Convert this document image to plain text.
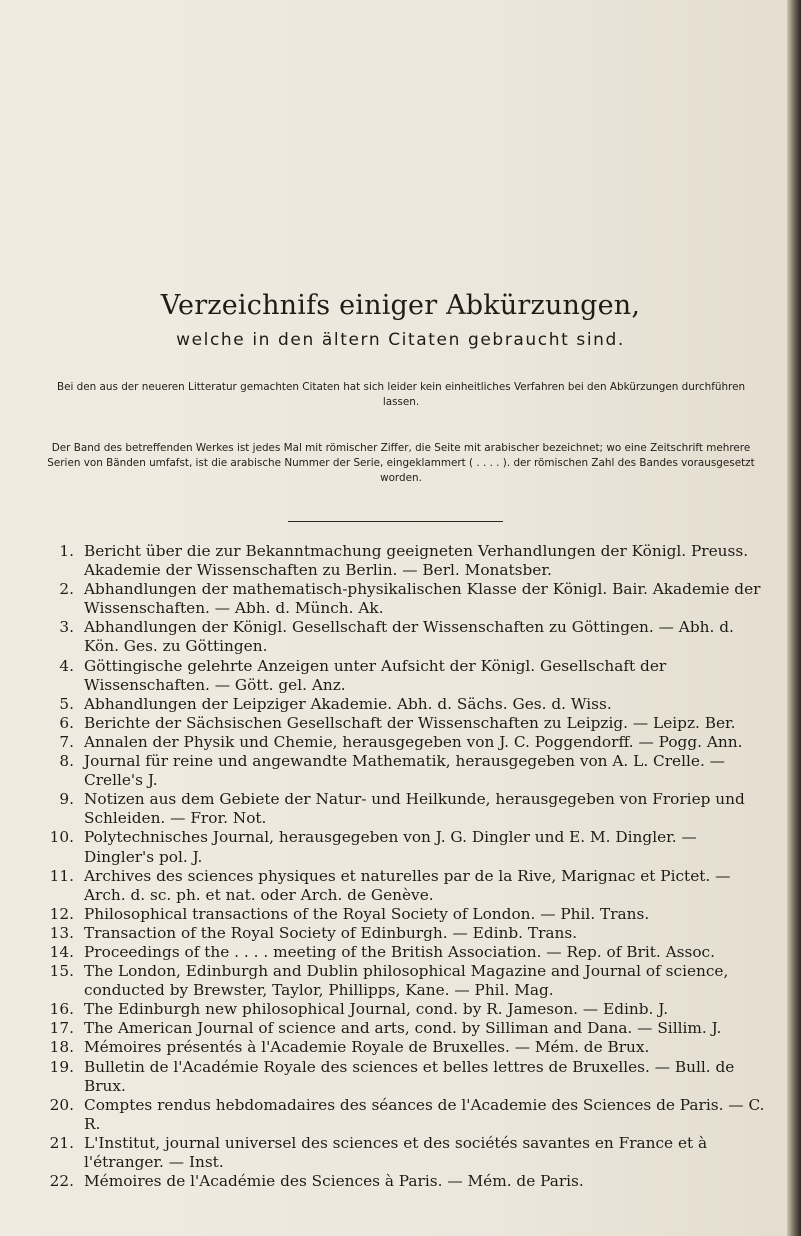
Verzeichnifs einiger Abkürzungen,
welche in den ältern Citaten gebraucht sind.
Bei den aus der neueren Litteratur gemachten Citaten hat sich leider kein einheitliches Verfahren bei den Abkürzungen durchführen lassen.
Der Band des betreffenden Werkes ist jedes Mal mit römischer Ziffer, die Seite mit arabischer bezeichnet; wo eine Zeitschrift mehrere Serien von Bänden umfafst, ist die arabische Nummer der Serie, eingeklammert ( . . . . ). der römischen Zahl des Bandes vorausgesetzt worden.
1. Bericht über die zur Bekanntmachung geeigneten Verhandlungen der Königl. Preuss. Akademie der Wissenschaften zu Berlin. — Berl. Monatsber.
2. Abhandlungen der mathematisch-physikalischen Klasse der Königl. Bair. Akademie der Wissenschaften. — Abh. d. Münch. Ak.
3. Abhandlungen der Königl. Gesellschaft der Wissenschaften zu Göttingen. — Abh. d. Kön. Ges. zu Göttingen.
4. Göttingische gelehrte Anzeigen unter Aufsicht der Königl. Gesellschaft der Wissenschaften. — Gött. gel. Anz.
5. Abhandlungen der Leipziger Akademie. Abh. d. Sächs. Ges. d. Wiss.
6. Berichte der Sächsischen Gesellschaft der Wissenschaften zu Leipzig. — Leipz. Ber.
7. Annalen der Physik und Chemie, herausgegeben von J. C. Poggendorff. — Pogg. Ann.
8. Journal für reine und angewandte Mathematik, herausgegeben von A. L. Crelle. — Crelle's J.
9. Notizen aus dem Gebiete der Natur- und Heilkunde, herausgegeben von Froriep und Schleiden. — Fror. Not.
10. Polytechnisches Journal, herausgegeben von J. G. Dingler und E. M. Dingler. — Dingler's pol. J.
11. Archives des sciences physiques et naturelles par de la Rive, Marignac et Pictet. — Arch. d. sc. ph. et nat. oder Arch. de Genève.
12. Philosophical transactions of the Royal Society of London. — Phil. Trans.
13. Transaction of the Royal Society of Edinburgh. — Edinb. Trans.
14. Proceedings of the . . . . meeting of the British Association. — Rep. of Brit. Assoc.
15. The London, Edinburgh and Dublin philosophical Magazine and Journal of science, conducted by Brewster, Taylor, Phillipps, Kane. — Phil. Mag.
16. The Edinburgh new philosophical Journal, cond. by R. Jameson. — Edinb. J.
17. The American Journal of science and arts, cond. by Silliman and Dana. — Sillim. J.
18. Mémoires présentés à l'Academie Royale de Bruxelles. — Mém. de Brux.
19. Bulletin de l'Académie Royale des sciences et belles lettres de Bruxelles. — Bull. de Brux.
20. Comptes rendus hebdomadaires des séances de l'Academie des Sciences de Paris. — C. R.
21. L'Institut, journal universel des sciences et des sociétés savantes en France et à l'étranger. — Inst.
22. Mémoires de l'Académie des Sciences à Paris. — Mém. de Paris.
